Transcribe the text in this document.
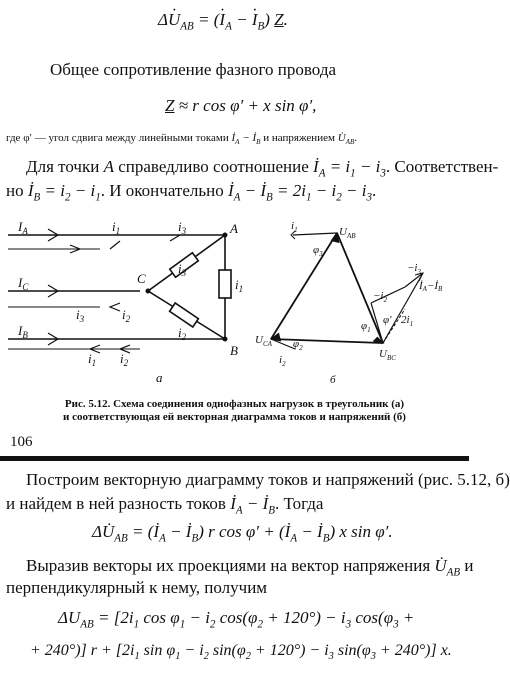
$\Delta\cdot U_{AB}$ = (· $I_A$ − · $I_B$) Z.
Общее сопротивление фазного провода
Z ≈ r cos φ′ + x sin φ′,
где φ′ — угол сдвига между линейными токами $İ_A$ − $İ_B$ и напряжением $U̇_{AB}$.
Для точки A справедливо соотношение $İ_A = i_1 - i_3$. Соответствен-
но $İ_B = i_2 - i_1$. И окончательно $İ_A$ − $İ_B = 2i_1 - i_2 - i_3$.
$I_A$
$I_C$
$I_B$
$i_1$	$i_3$
$i_3$	$i_2$
$i_1$ $i_2$
$i_3$
$i_2$
$i_1$
A
B
C
а
$U_{AB}$
$U_{BC}$
$U_{CA}$
$i_1$
$i_2$
$\varphi_3$
$\varphi_2$
$\varphi_1$
φ′
$-i_2$
$-i_3$
$2i_1$
İA−İB
б
Рис. 5.12. Схема соединения однофазных нагрузок в треугольник (а)
и соответствующая ей векторная диаграмма токов и напряжений (б)
106
Построим векторную диаграмму токов и напряжений (рис. 5.12, б)
и найдем в ней разность токов $İ_A$ − $İ_B$. Тогда
$\Delta U̇_{AB}$ = ($İ_A$ − $İ_B$) r $\cos \varphi' + (İ_A$ − $İ_B$) x sin φ′.
Выразив векторы их проекциями на вектор напряжения $U̇_{AB}$ и
перпендикулярный к нему, получим
$\Delta U_{AB} = [2i_1$ $\cos \varphi_1 - i_2$ $\cos(\varphi_2 + 120^\circ) - i_3$ $\cos(\varphi_3$ +
+ 240°)] $r + [2i_1$ $\sin \varphi_1 - i_2$ $\sin(\varphi_2 + 120^\circ) - i_3$ $\sin(\varphi_3 + 240^\circ)$] x.
